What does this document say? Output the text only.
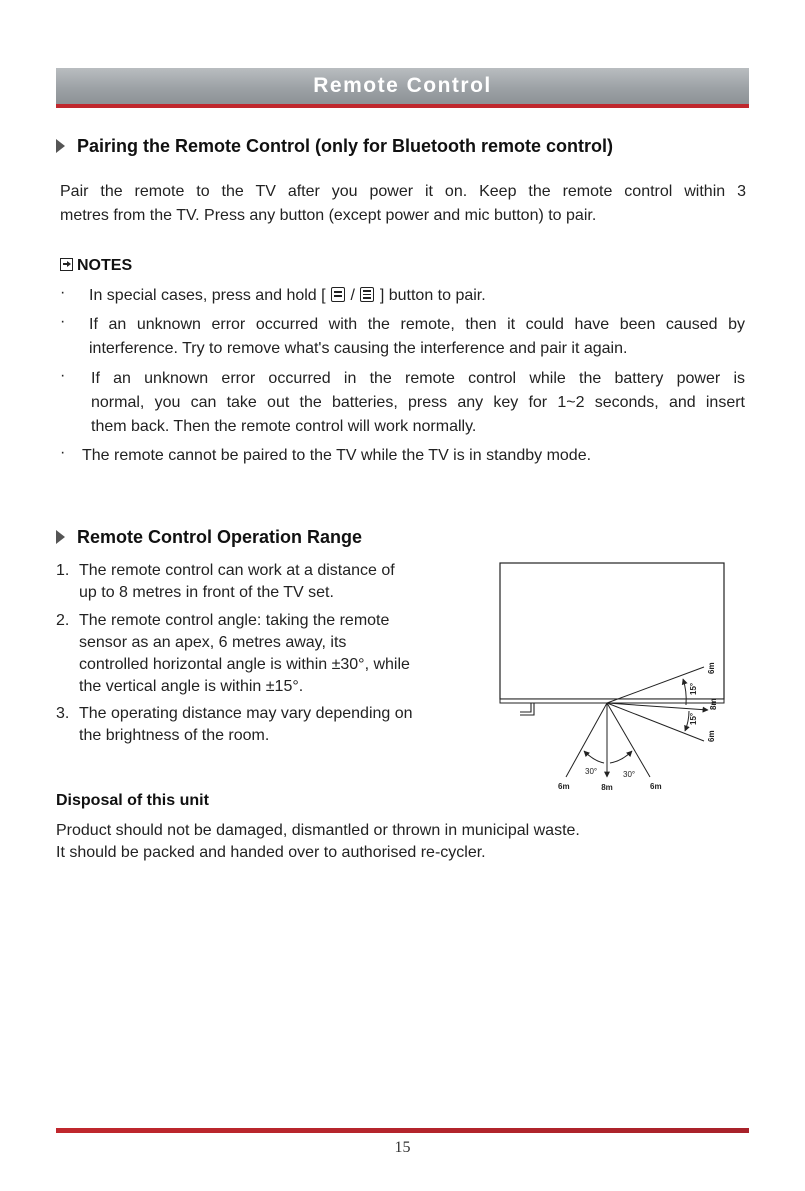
Remote Control
Pairing the Remote Control (only for Bluetooth remote control)
Pair the remote to the TV after you power it on. Keep the remote control within 3
metres from the TV. Press any button (except power and mic button) to pair.
NOTES
· In special cases, press and hold [ / ] button to pair.
· If an unknown error occurred with the remote, then it could have been caused by
interference. Try to remove what's causing the interference and pair it again.
· If an unknown error occurred in the remote control while the battery power is
normal, you can take out the batteries, press any key for 1~2 seconds, and insert
them back. Then the remote control will work normally.
· The remote cannot be paired to the TV while the TV is in standby mode.
Remote Control Operation Range
1. The remote control can work at a distance of
up to 8 metres in front of the TV set.
2. The remote control angle: taking the remote
sensor as an apex, 6 metres away, its
controlled horizontal angle is within ±30°, while
the vertical angle is within ±15°.
3. The operating distance may vary depending on
the brightness of the room.
30°	30°
6m	8m	6m
15°
15°
6m
8m
6m
Disposal of this unit
Product should not be damaged, dismantled or thrown in municipal waste.
It should be packed and handed over to authorised re-cycler.
15
